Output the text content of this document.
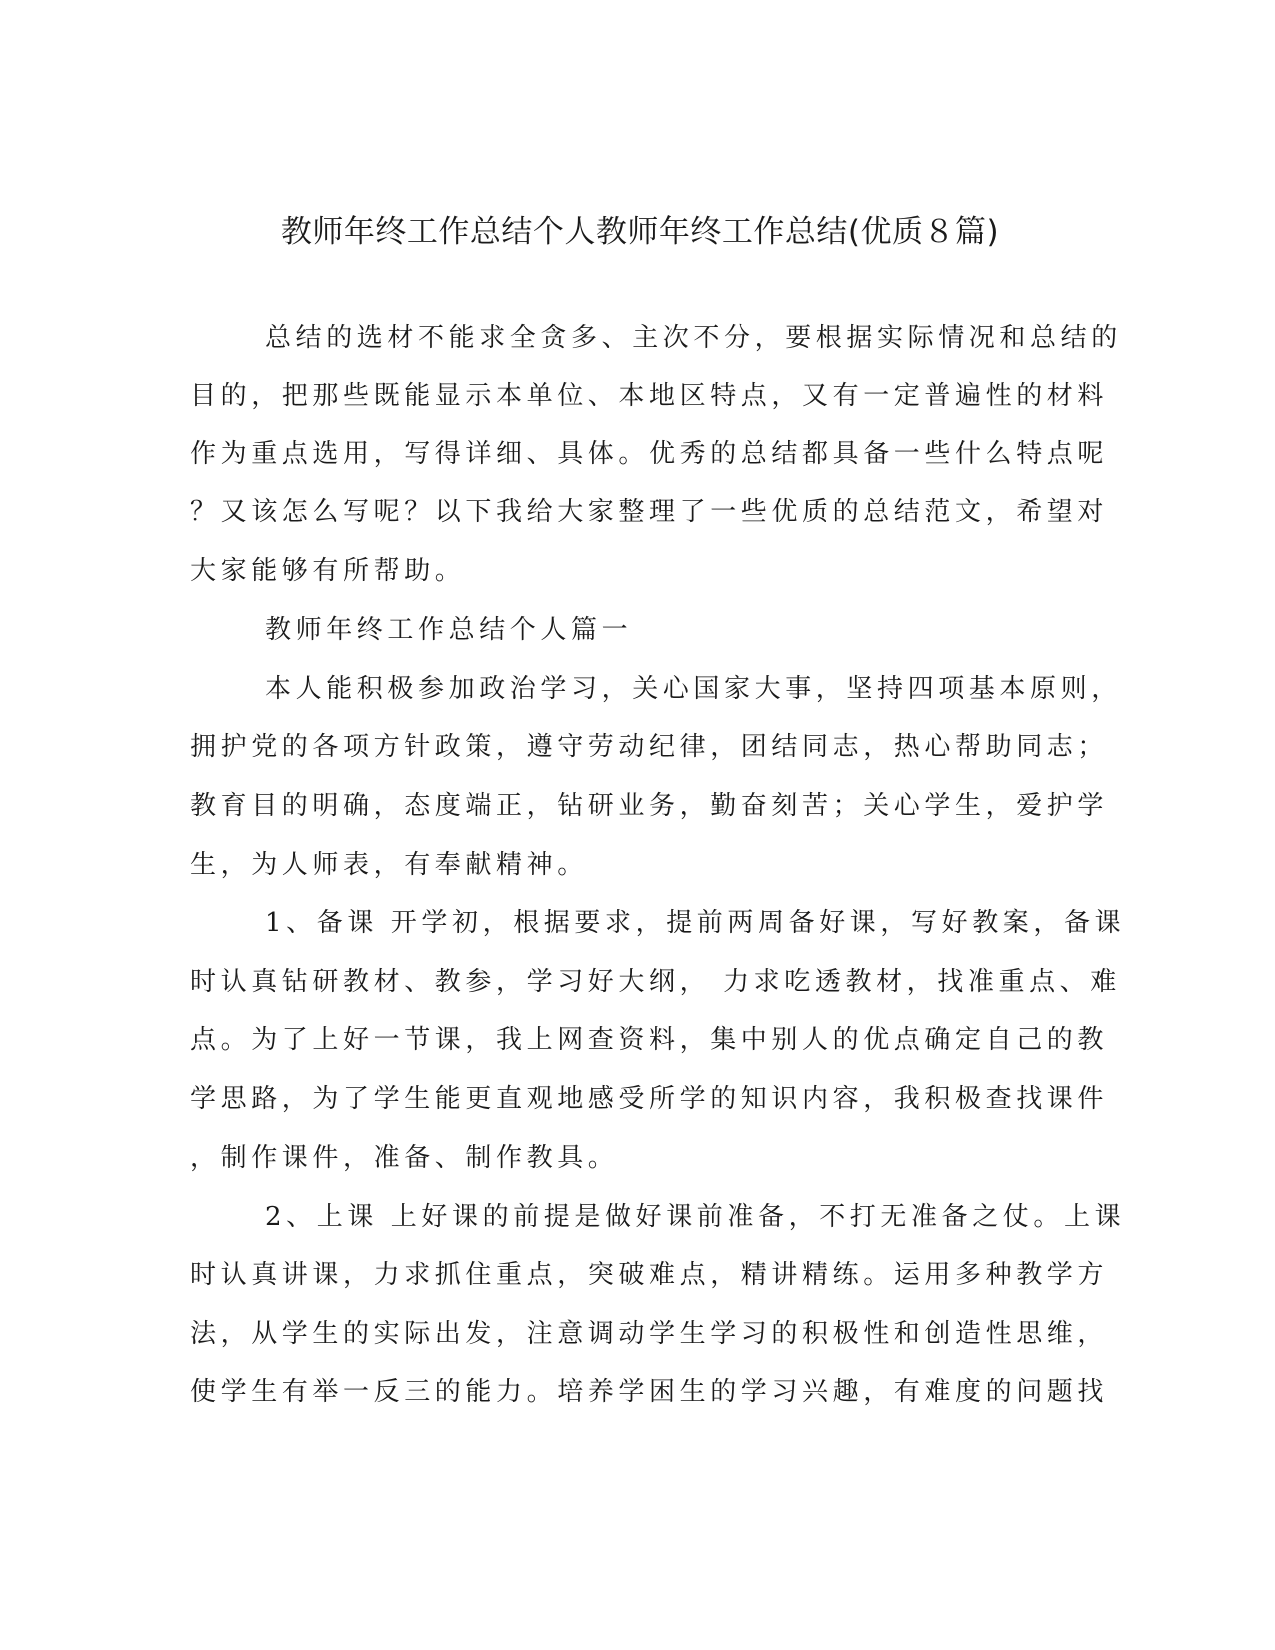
教师年终工作总结个人教师年终工作总结(优质８篇)

总结的选材不能求全贪多、主次不分，要根据实际情况和总结的

目的，把那些既能显示本单位、本地区特点，又有一定普遍性的材料

作为重点选用，写得详细、具体。优秀的总结都具备一些什么特点呢

？又该怎么写呢？以下我给大家整理了一些优质的总结范文，希望对

大家能够有所帮助。

教师年终工作总结个人篇一

本人能积极参加政治学习，关心国家大事，坚持四项基本原则，

拥护党的各项方针政策，遵守劳动纪律，团结同志，热心帮助同志；

教育目的明确，态度端正，钻研业务，勤奋刻苦；关心学生，爱护学

生，为人师表，有奉献精神。

1、备课 开学初，根据要求，提前两周备好课，写好教案，备课

时认真钻研教材、教参，学习好大纲， 力求吃透教材，找准重点、难

点。为了上好一节课，我上网查资料，集中别人的优点确定自己的教

学思路，为了学生能更直观地感受所学的知识内容，我积极查找课件

，制作课件，准备、制作教具。

2、上课 上好课的前提是做好课前准备，不打无准备之仗。上课

时认真讲课，力求抓住重点，突破难点，精讲精练。运用多种教学方

法，从学生的实际出发，注意调动学生学习的积极性和创造性思维，

使学生有举一反三的能力。培养学困生的学习兴趣，有难度的问题找
